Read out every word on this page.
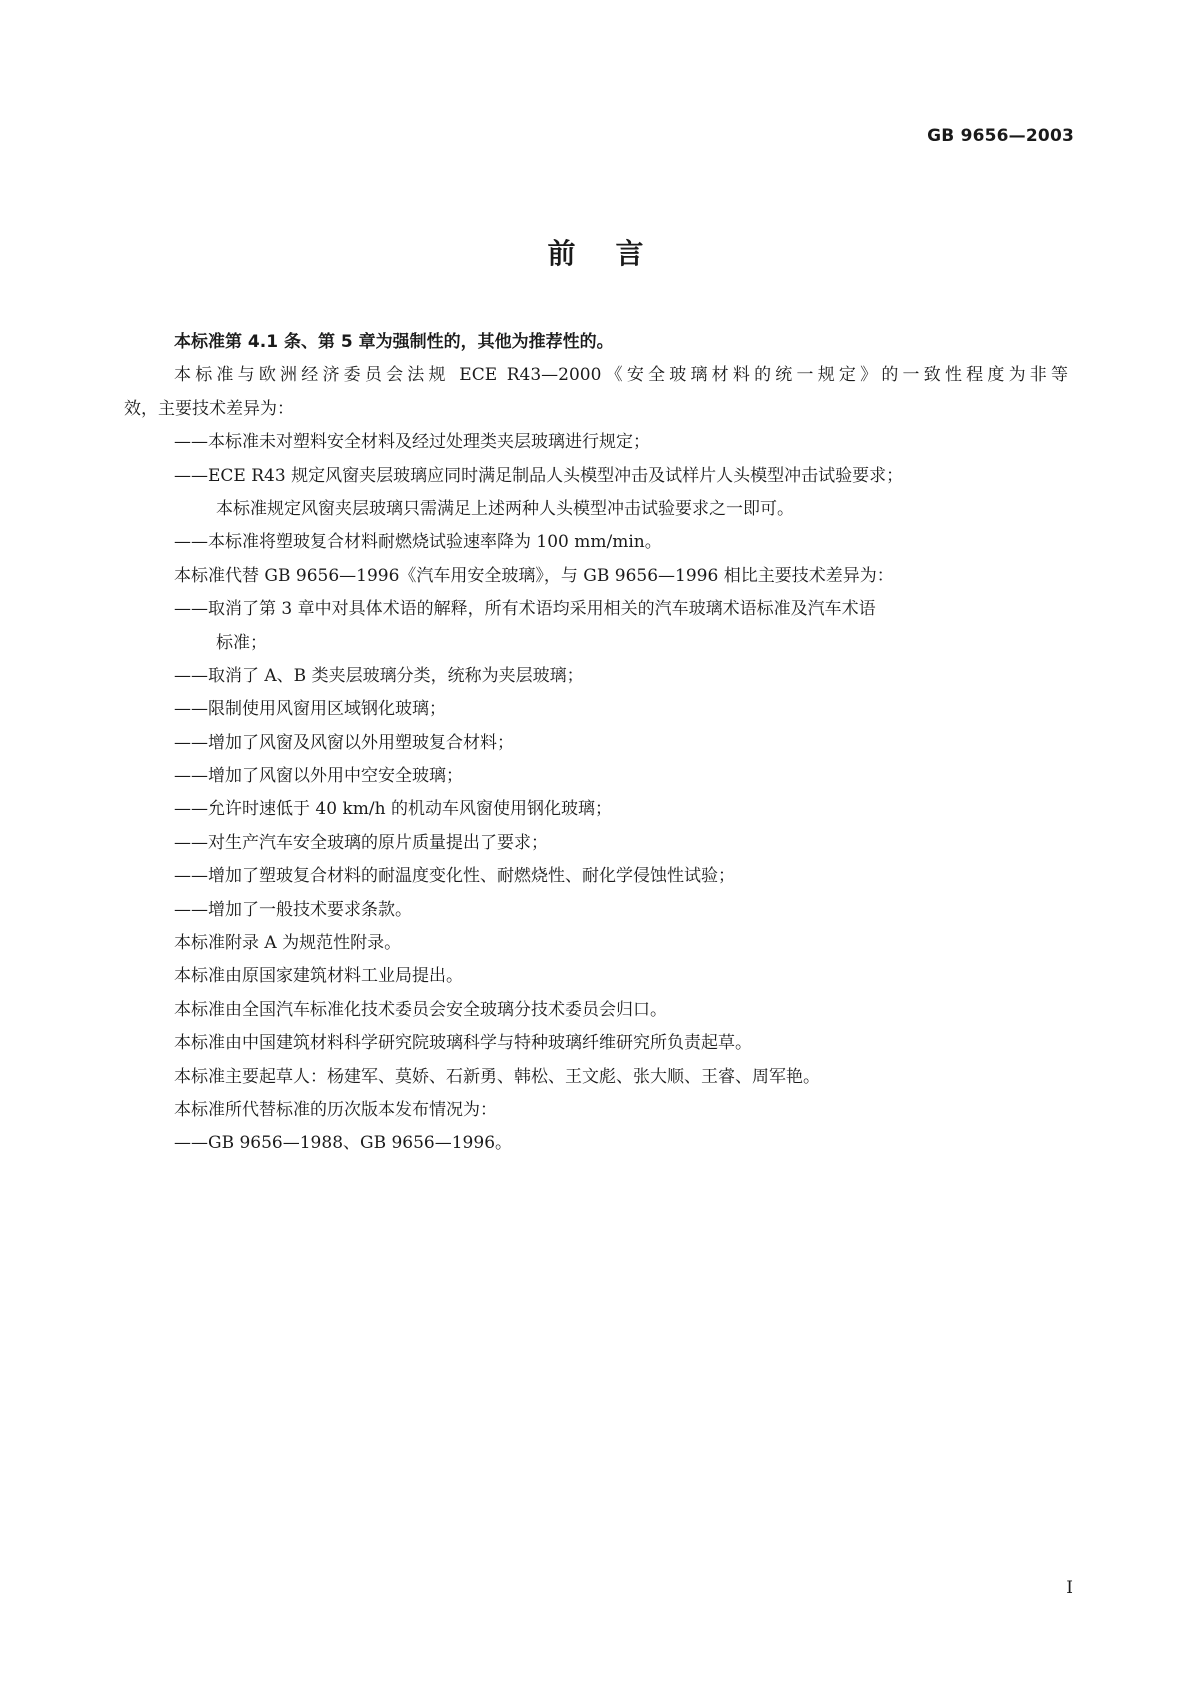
GB 9656—2003
前言
本标准第 4.1 条、第 5 章为强制性的，其他为推荐性的。
本标准与欧洲经济委员会法规 ECE R43—2000《安全玻璃材料的统一规定》的一致性程度为非等
效，主要技术差异为：
——本标准未对塑料安全材料及经过处理类夹层玻璃进行规定；
——ECE R43 规定风窗夹层玻璃应同时满足制品人头模型冲击及试样片人头模型冲击试验要求；
本标准规定风窗夹层玻璃只需满足上述两种人头模型冲击试验要求之一即可。
——本标准将塑玻复合材料耐燃烧试验速率降为 100 mm/min。
本标准代替 GB 9656—1996《汽车用安全玻璃》，与 GB 9656—1996 相比主要技术差异为：
——取消了第 3 章中对具体术语的解释，所有术语均采用相关的汽车玻璃术语标准及汽车术语
标准；
——取消了 A、B 类夹层玻璃分类，统称为夹层玻璃；
——限制使用风窗用区域钢化玻璃；
——增加了风窗及风窗以外用塑玻复合材料；
——增加了风窗以外用中空安全玻璃；
——允许时速低于 40 km/h 的机动车风窗使用钢化玻璃；
——对生产汽车安全玻璃的原片质量提出了要求；
——增加了塑玻复合材料的耐温度变化性、耐燃烧性、耐化学侵蚀性试验；
——增加了一般技术要求条款。
本标准附录 A 为规范性附录。
本标准由原国家建筑材料工业局提出。
本标准由全国汽车标准化技术委员会安全玻璃分技术委员会归口。
本标准由中国建筑材料科学研究院玻璃科学与特种玻璃纤维研究所负责起草。
本标准主要起草人：杨建军、莫娇、石新勇、韩松、王文彪、张大顺、王睿、周军艳。
本标准所代替标准的历次版本发布情况为：
——GB 9656—1988、GB 9656—1996。
I
